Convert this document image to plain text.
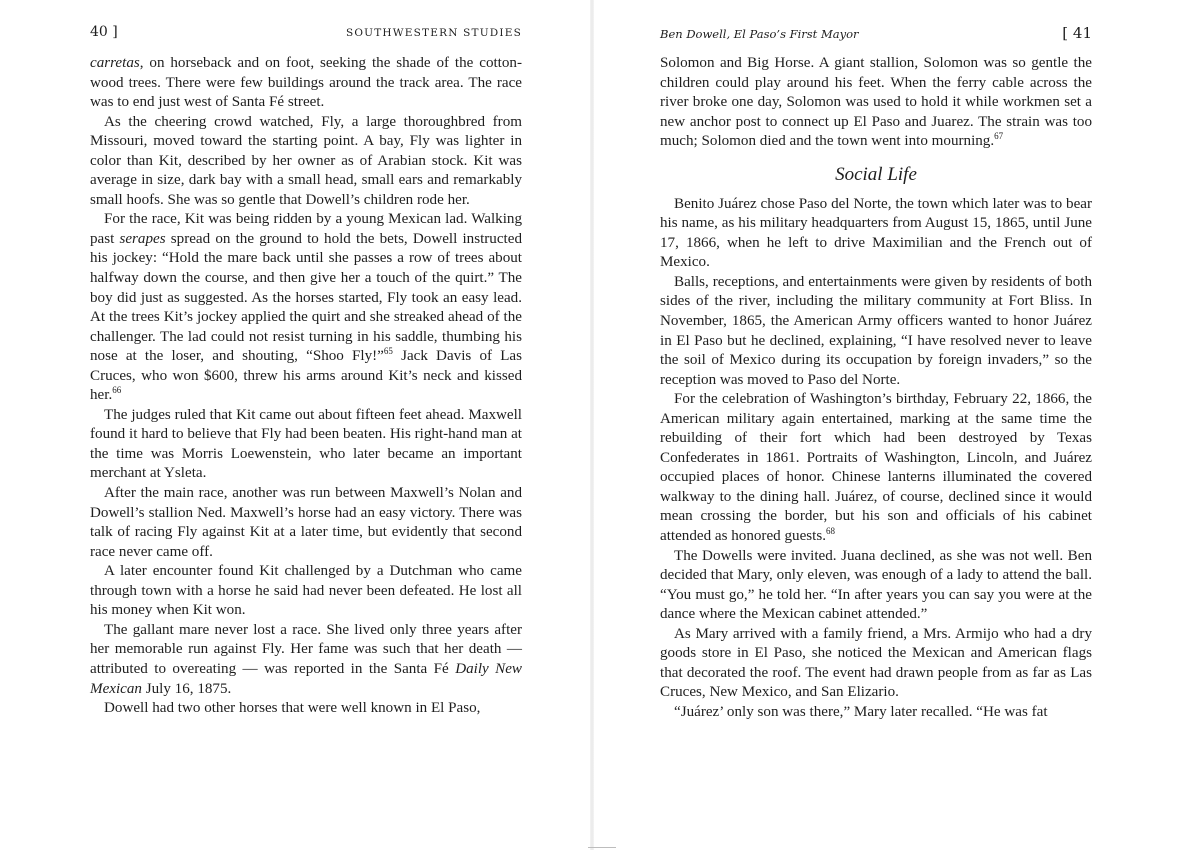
40 ]	SOUTHWESTERN STUDIES

carretas, on horseback and on foot, seeking the shade of the cottonwood trees. There were few buildings around the track area. The race was to end just west of Santa Fé street.

As the cheering crowd watched, Fly, a large thoroughbred from Missouri, moved toward the starting point. A bay, Fly was lighter in color than Kit, described by her owner as of Arabian stock. Kit was average in size, dark bay with a small head, small ears and remarkably small hoofs. She was so gentle that Dowell’s children rode her.

For the race, Kit was being ridden by a young Mexican lad. Walking past serapes spread on the ground to hold the bets, Dowell instructed his jockey: “Hold the mare back until she passes a row of trees about halfway down the course, and then give her a touch of the quirt.” The boy did just as suggested. As the horses started, Fly took an easy lead. At the trees Kit’s jockey applied the quirt and she streaked ahead of the challenger. The lad could not resist turning in his saddle, thumbing his nose at the loser, and shouting, “Shoo Fly!”$^{65}$ Jack Davis of Las Cruces, who won $600, threw his arms around Kit’s neck and kissed her.$^{66}$

The judges ruled that Kit came out about fifteen feet ahead. Maxwell found it hard to believe that Fly had been beaten. His right-hand man at the time was Morris Loewenstein, who later became an important merchant at Ysleta.

After the main race, another was run between Maxwell’s Nolan and Dowell’s stallion Ned. Maxwell’s horse had an easy victory. There was talk of racing Fly against Kit at a later time, but evidently that second race never came off.

A later encounter found Kit challenged by a Dutchman who came through town with a horse he said had never been defeated. He lost all his money when Kit won.

The gallant mare never lost a race. She lived only three years after her memorable run against Fly. Her fame was such that her death — attributed to overeating — was reported in the Santa Fé Daily New Mexican July 16, 1875.

Dowell had two other horses that were well known in El Paso,

Ben Dowell, El Paso’s First Mayor	[ 41

Solomon and Big Horse. A giant stallion, Solomon was so gentle the children could play around his feet. When the ferry cable across the river broke one day, Solomon was used to hold it while workmen set a new anchor post to connect up El Paso and Juarez. The strain was too much; Solomon died and the town went into mourning.$^{67}$

Social Life

Benito Juárez chose Paso del Norte, the town which later was to bear his name, as his military headquarters from August 15, 1865, until June 17, 1866, when he left to drive Maximilian and the French out of Mexico.

Balls, receptions, and entertainments were given by residents of both sides of the river, including the military community at Fort Bliss. In November, 1865, the American Army officers wanted to honor Juárez in El Paso but he declined, explaining, “I have resolved never to leave the soil of Mexico during its occupation by foreign invaders,” so the reception was moved to Paso del Norte.

For the celebration of Washington’s birthday, February 22, 1866, the American military again entertained, marking at the same time the rebuilding of their fort which had been destroyed by Texas Confederates in 1861. Portraits of Washington, Lincoln, and Juárez occupied places of honor. Chinese lanterns illuminated the covered walkway to the dining hall. Juárez, of course, declined since it would mean crossing the border, but his son and officials of his cabinet attended as honored guests.$^{68}$

The Dowells were invited. Juana declined, as she was not well. Ben decided that Mary, only eleven, was enough of a lady to attend the ball. “You must go,” he told her. “In after years you can say you were at the dance where the Mexican cabinet attended.”

As Mary arrived with a family friend, a Mrs. Armijo who had a dry goods store in El Paso, she noticed the Mexican and American flags that decorated the roof. The event had drawn people from as far as Las Cruces, New Mexico, and San Elizario.

“Juárez’ only son was there,” Mary later recalled. “He was fat
